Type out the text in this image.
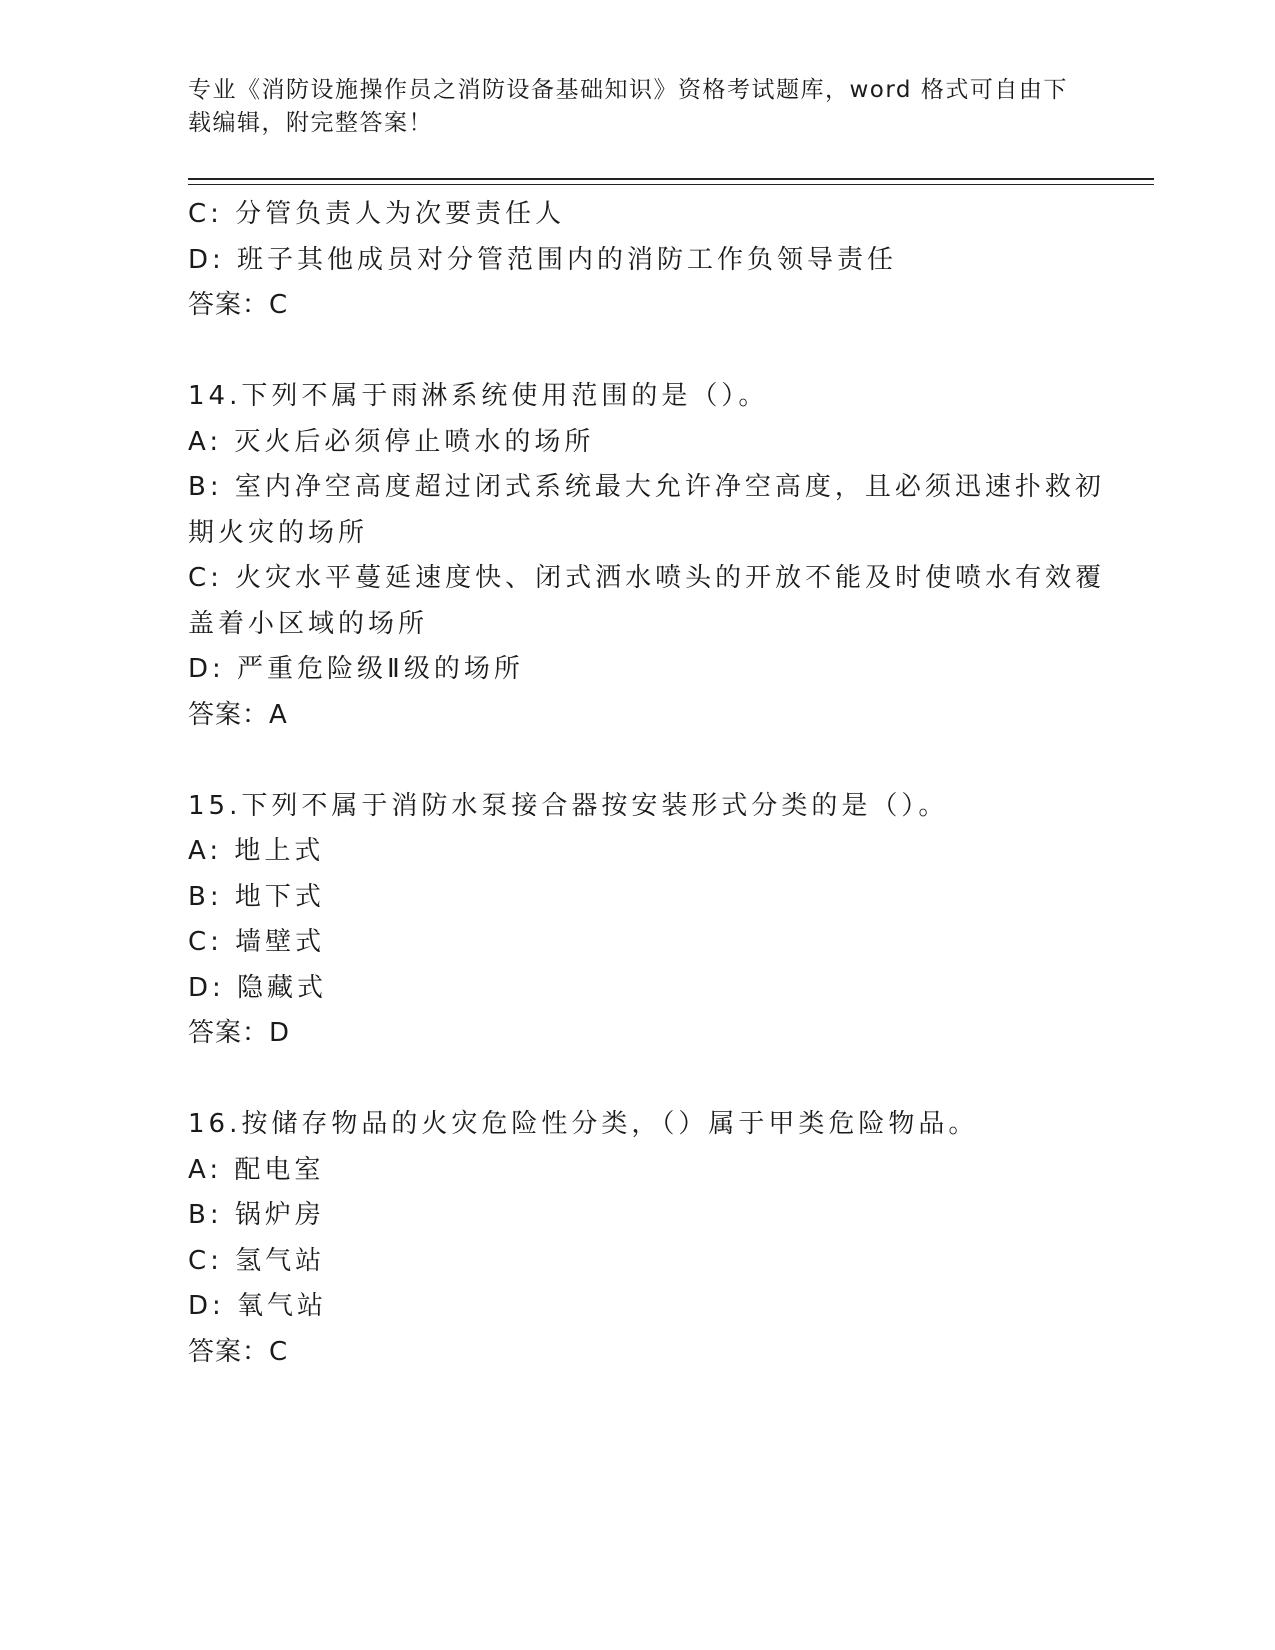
专业《消防设施操作员之消防设备基础知识》资格考试题库，word 格式可自由下
载编辑，附完整答案！
C: 分管负责人为次要责任人
D: 班子其他成员对分管范围内的消防工作负领导责任
答案：C
14.下列不属于雨淋系统使用范围的是（）。
A: 灭火后必须停止喷水的场所
B: 室内净空高度超过闭式系统最大允许净空高度，且必须迅速扑救初
期火灾的场所
C: 火灾水平蔓延速度快、闭式洒水喷头的开放不能及时使喷水有效覆
盖着小区域的场所
D: 严重危险级Ⅱ级的场所
答案：A
15.下列不属于消防水泵接合器按安装形式分类的是（）。
A: 地上式
B: 地下式
C: 墙壁式
D: 隐藏式
答案：D
16.按储存物品的火灾危险性分类，（）属于甲类危险物品。
A: 配电室
B: 锅炉房
C: 氢气站
D: 氧气站
答案：C
